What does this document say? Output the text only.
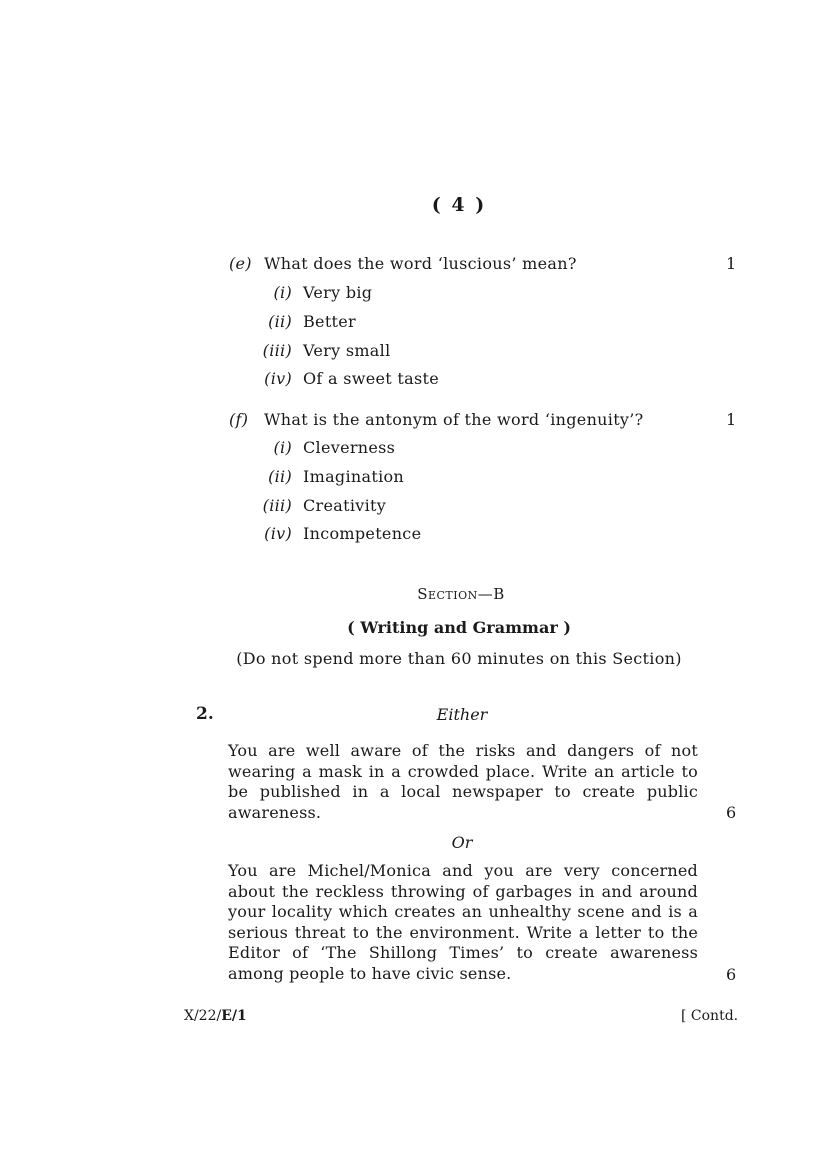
( 4 )
(e) What does the word ‘luscious’ mean?	1
(i) Very big
(ii) Better
(iii) Very small
(iv) Of a sweet taste
(f) What is the antonym of the word ‘ingenuity’?	1
(i) Cleverness
(ii) Imagination
(iii) Creativity
(iv) Incompetence
Section—B
( Writing and Grammar )
(Do not spend more than 60 minutes on this Section)
2.	Either
You are well aware of the risks and dangers of not wearing a mask in a crowded place. Write an article to be published in a local newspaper to create public awareness.	6
Or
You are Michel/Monica and you are very concerned about the reckless throwing of garbages in and around your locality which creates an unhealthy scene and is a serious threat to the environment. Write a letter to the Editor of ‘The Shillong Times’ to create awareness among people to have civic sense.	6
X/22/E/1	[ Contd.
